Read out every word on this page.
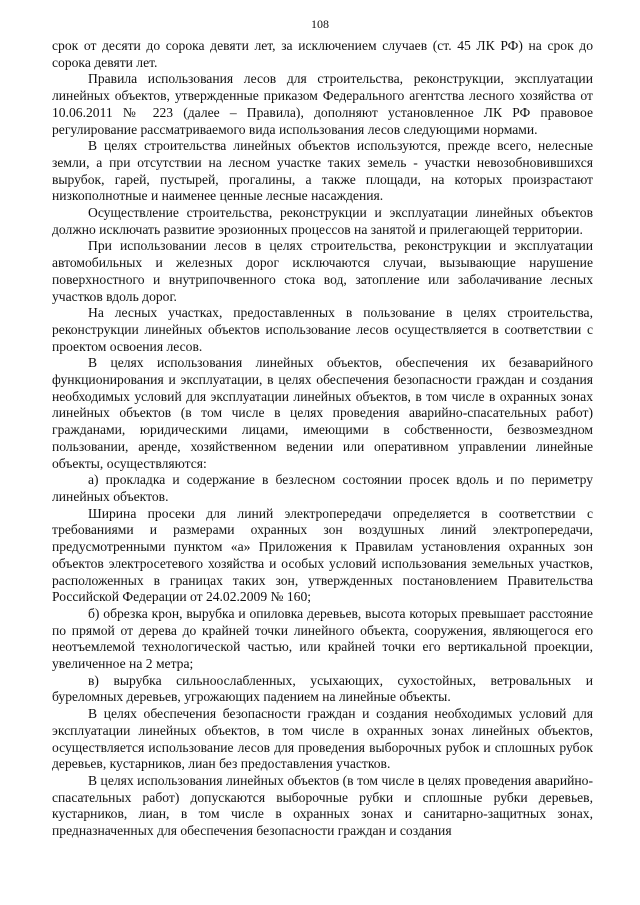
108

срок от десяти до сорока девяти лет, за исключением случаев (ст. 45 ЛК РФ) на срок до сорока девяти лет.

Правила использования лесов для строительства, реконструкции, эксплуатации линейных объектов, утвержденные приказом Федерального агентства лесного хозяйства от 10.06.2011 № 223 (далее – Правила), дополняют установленное ЛК РФ правовое регулирование рассматриваемого вида использования лесов следующими нормами.

В целях строительства линейных объектов используются, прежде всего, нелесные земли, а при отсутствии на лесном участке таких земель - участки невозобновившихся вырубок, гарей, пустырей, прогалины, а также площади, на которых произрастают низкополнотные и наименее ценные лесные насаждения.

Осуществление строительства, реконструкции и эксплуатации линейных объектов должно исключать развитие эрозионных процессов на занятой и прилегающей территории.

При использовании лесов в целях строительства, реконструкции и эксплуатации автомобильных и железных дорог исключаются случаи, вызывающие нарушение поверхностного и внутрипочвенного стока вод, затопление или заболачивание лесных участков вдоль дорог.

На лесных участках, предоставленных в пользование в целях строительства, реконструкции линейных объектов использование лесов осуществляется в соответствии с проектом освоения лесов.

В целях использования линейных объектов, обеспечения их безаварийного функционирования и эксплуатации, в целях обеспечения безопасности граждан и создания необходимых условий для эксплуатации линейных объектов, в том числе в охранных зонах линейных объектов (в том числе в целях проведения аварийно-спасательных работ) гражданами, юридическими лицами, имеющими в собственности, безвозмездном пользовании, аренде, хозяйственном ведении или оперативном управлении линейные объекты, осуществляются:

а) прокладка и содержание в безлесном состоянии просек вдоль и по периметру линейных объектов.

Ширина просеки для линий электропередачи определяется в соответствии с требованиями и размерами охранных зон воздушных линий электропередачи, предусмотренными пунктом «а» Приложения к Правилам установления охранных зон объектов электросетевого хозяйства и особых условий использования земельных участков, расположенных в границах таких зон, утвержденных постановлением Правительства Российской Федерации от 24.02.2009 № 160;

б) обрезка крон, вырубка и опиловка деревьев, высота которых превышает расстояние по прямой от дерева до крайней точки линейного объекта, сооружения, являющегося его неотъемлемой технологической частью, или крайней точки его вертикальной проекции, увеличенное на 2 метра;

в) вырубка сильноослабленных, усыхающих, сухостойных, ветровальных и буреломных деревьев, угрожающих падением на линейные объекты.

В целях обеспечения безопасности граждан и создания необходимых условий для эксплуатации линейных объектов, в том числе в охранных зонах линейных объектов, осуществляется использование лесов для проведения выборочных рубок и сплошных рубок деревьев, кустарников, лиан без предоставления участков.

В целях использования линейных объектов (в том числе в целях проведения аварийно-спасательных работ) допускаются выборочные рубки и сплошные рубки деревьев, кустарников, лиан, в том числе в охранных зонах и санитарно-защитных зонах, предназначенных для обеспечения безопасности граждан и создания
